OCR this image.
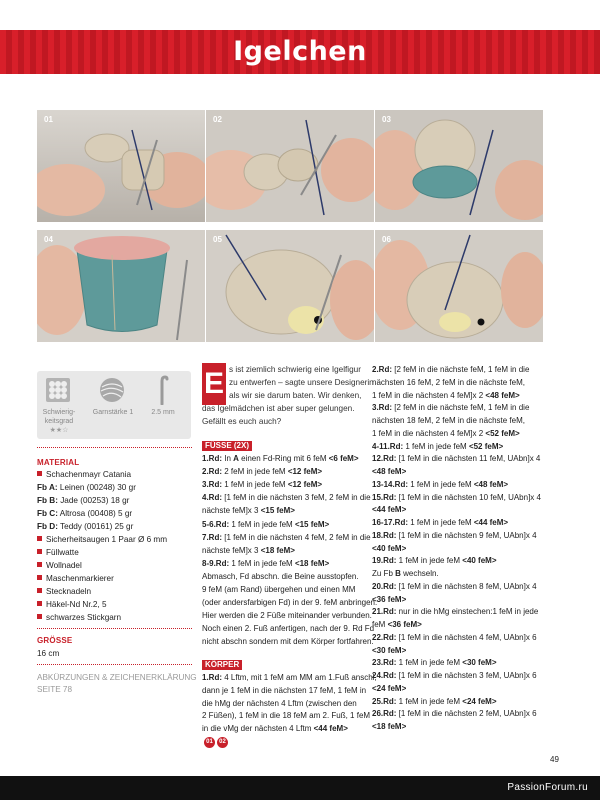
Igelchen
01	02	03
04	05	06
Schwierig-
keitsgrad
★★☆
Garnstärke 1	2.5 mm
MATERIAL
Schachenmayr Catania
Fb A: Leinen (00248) 30 gr
Fb B: Jade (00253) 18 gr
Fb C: Altrosa (00408) 5 gr
Fb D: Teddy (00161) 25 gr
Sicherheitsaugen 1 Paar Ø 6 mm
Füllwatte
Wollnadel
Maschenmarkierer
Stecknadeln
Häkel-Nd Nr.2, 5
schwarzes Stickgarn
GRÖSSE
16 cm
ABKÜRZUNGEN & ZEICHENERKLÄRUNG
SEITE 78
E s ist ziemlich schwierig eine Igelfigur
zu entwerfen – sagte unsere Designerin
als wir sie darum baten. Wir denken,
das Igelmädchen ist aber super gelungen.
Gefällt es euch auch?
FÜSSE (2X)
1.Rd: In A einen Fd-Ring mit 6 feM <6 feM>
2.Rd: 2 feM in jede feM <12 feM>
3.Rd: 1 feM in jede feM <12 feM>
4.Rd: [1 feM in die nächsten 3 feM, 2 feM in die
nächste feM]x 3 <15 feM>
5-6.Rd: 1 feM in jede feM <15 feM>
7.Rd: [1 feM in die nächsten 4 feM, 2 feM in die
nächste feM]x 3 <18 feM>
8-9.Rd: 1 feM in jede feM <18 feM>
Abmasch, Fd abschn. die Beine ausstopfen.
9 feM (am Rand) übergehen und einen MM
(oder andersfarbigen Fd) in der 9. feM anbringen.
Hier werden die 2 Füße miteinander verbunden.
Noch einen 2. Fuß anfertigen, nach der 9. Rd Fd
nicht abschn sondern mit dem Körper fortfahren.
KÖRPER
1.Rd: 4 Lftm, mit 1 feM am MM am 1.Fuß anschl,
dann je 1 feM in die nächsten 17 feM, 1 feM in
die hMg der nächsten 4 Lftm (zwischen den
2 Füßen), 1 feM in die 18 feM am 2. Fuß, 1 feM
in die vMg der nächsten 4 Lftm <44 feM>
01	02
2.Rd: [2 feM in die nächste feM, 1 feM in die
nächsten 16 feM, 2 feM in die nächste feM,
1 feM in die nächsten 4 feM]x 2 <48 feM>
3.Rd: [2 feM in die nächste feM, 1 feM in die
nächsten 18 feM, 2 feM in die nächste feM,
1 feM in die nächsten 4 feM]x 2 <52 feM>
4-11.Rd: 1 feM in jede feM <52 feM>
12.Rd: [1 feM in die nächsten 11 feM, UAbn]x 4
<48 feM>
13-14.Rd: 1 feM in jede feM <48 feM>
15.Rd: [1 feM in die nächsten 10 feM, UAbn]x 4
<44 feM>
16-17.Rd: 1 feM in jede feM <44 feM>
18.Rd: [1 feM in die nächsten 9 feM, UAbn]x 4
<40 feM>
19.Rd: 1 feM in jede feM <40 feM>
Zu Fb B wechseln.
20.Rd: [1 feM in die nächsten 8 feM, UAbn]x 4
<36 feM>
21.Rd: nur in die hMg einstechen:1 feM in jede
feM <36 feM>
22.Rd: [1 feM in die nächsten 4 feM, UAbn]x 6
<30 feM>
23.Rd: 1 feM in jede feM <30 feM>
24.Rd: [1 feM in die nächsten 3 feM, UAbn]x 6
<24 feM>
25.Rd: 1 feM in jede feM <24 feM>
26.Rd: [1 feM in die nächsten 2 feM, UAbn]x 6
<18 feM>
49
PassionForum.ru
